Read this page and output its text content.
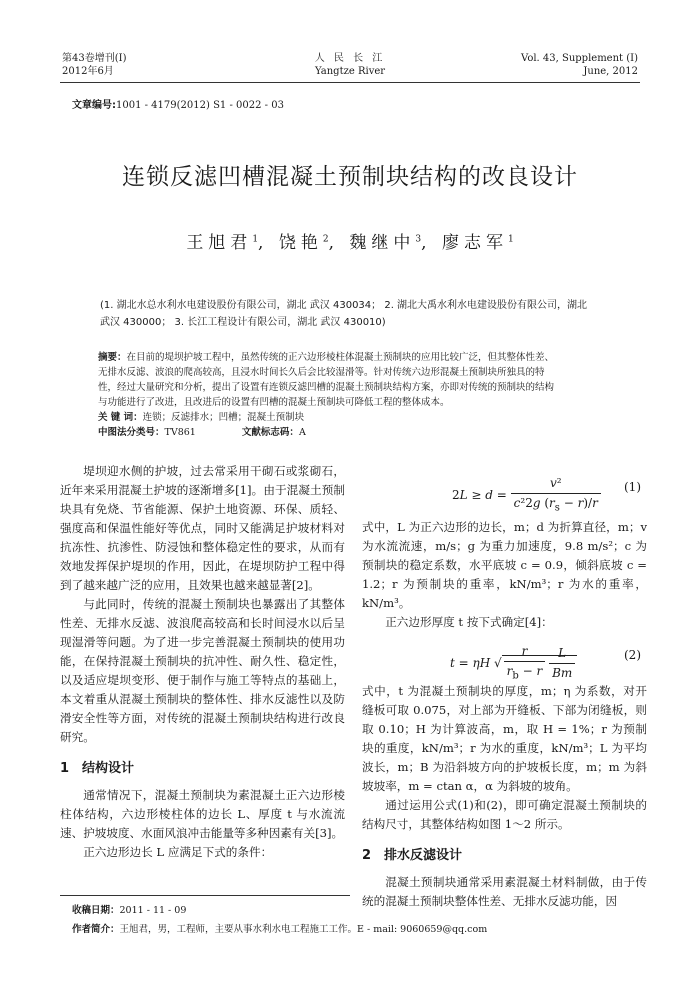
第43卷增刊(Ⅰ)
2012年6月
人 民 长 江
Yangtze River
Vol. 43, Supplement (Ⅰ)
June, 2012
文章编号:1001 - 4179(2012) S1 - 0022 - 03
连锁反滤凹槽混凝土预制块结构的改良设计
王旭君$^1$, 饶艳$^2$, 魏继中$^3$, 廖志军$^1$
(1. 湖北水总水利水电建设股份有限公司，湖北 武汉 430034； 2. 湖北大禹水利水电建设股份有限公司，湖北
武汉 430000； 3. 长江工程设计有限公司，湖北 武汉 430010)
摘要：在目前的堤坝护坡工程中，虽然传统的正六边形棱柱体混凝土预制块的应用比较广泛，但其整体性差、
无排水反滤、波浪的爬高较高，且浸水时间长久后会比较湿滑等。针对传统六边形混凝土预制块所独具的特
性，经过大量研究和分析，提出了设置有连锁反滤凹槽的混凝土预制块结构方案，亦即对传统的预制块的结构
与功能进行了改进，且改进后的设置有凹槽的混凝土预制块可降低工程的整体成本。
关 键 词：连锁；反滤排水；凹槽；混凝土预制块
中图法分类号：TV861	文献标志码：A

堤坝迎水侧的护坡，过去常采用干砌石或浆砌石，近年来采用混凝土护坡的逐渐增多[1]。由于混凝土预制块具有免烧、节省能源、保护土地资源、环保、质轻、强度高和保温性能好等优点，同时又能满足护坡材料对抗冻性、抗渗性、防浸蚀和整体稳定性的要求，从而有效地发挥保护堤坝的作用，因此，在堤坝防护工程中得到了越来越广泛的应用，且效果也越来越显著[2]。

与此同时，传统的混凝土预制块也暴露出了其整体性差、无排水反滤、波浪爬高较高和长时间浸水以后呈现湿滑等问题。为了进一步完善混凝土预制块的使用功能，在保持混凝土预制块的抗冲性、耐久性、稳定性，以及适应堤坝变形、便于制作与施工等特点的基础上，本文着重从混凝土预制块的整体性、排水反滤性以及防滑安全性等方面，对传统的混凝土预制块结构进行改良研究。

1　结构设计

通常情况下，混凝土预制块为素混凝土正六边形棱柱体结构，六边形棱柱体的边长 L、厚度 t 与水流流速、护坡坡度、水面风浪冲击能量等多种因素有关[3]。

正六边形边长 L 应满足下式的条件：

$2L \ge d = \frac{\text{v²}}{c^22g (r_s - r)/r} (1)$

式中，L 为正六边形的边长，m；d 为折算直径，m；v 为水流流速，m/s；g 为重力加速度，9.8 m/s²；c 为预制块的稳定系数，水平底坡 c = 0.9，倾斜底坡 c = 1.2；r 为预制块的重率，kN/m³；r 为水的重率，kN/m³。

正六边形厚度 t 按下式确定[4]：

t = ηH √ $\frac{r}{r_b - r}$
$\frac{L}{Bm}$	(2)

式中，t 为混凝土预制块的厚度，m；η 为系数，对开缝板可取 0.075，对上部为开缝板、下部为闭缝板，则取 0.10；H 为计算波高，m，取 H = 1%；r 为预制块的重度，kN/m³；r 为水的重度，kN/m³；L 为平均波长，m；B 为沿斜坡方向的护坡板长度，m；m 为斜坡坡率，m = ctan α，α 为斜坡的坡角。

通过运用公式(1)和(2)，即可确定混凝土预制块的结构尺寸，其整体结构如图 1～2 所示。

2　排水反滤设计

混凝土预制块通常采用素混凝土材料制做，由于传统的混凝土预制块整体性差、无排水反滤功能，因

收稿日期：2011 - 11 - 09
作者简介：王旭君，男，工程师，主要从事水利水电工程施工工作。E - mail: 9060659@qq.com
